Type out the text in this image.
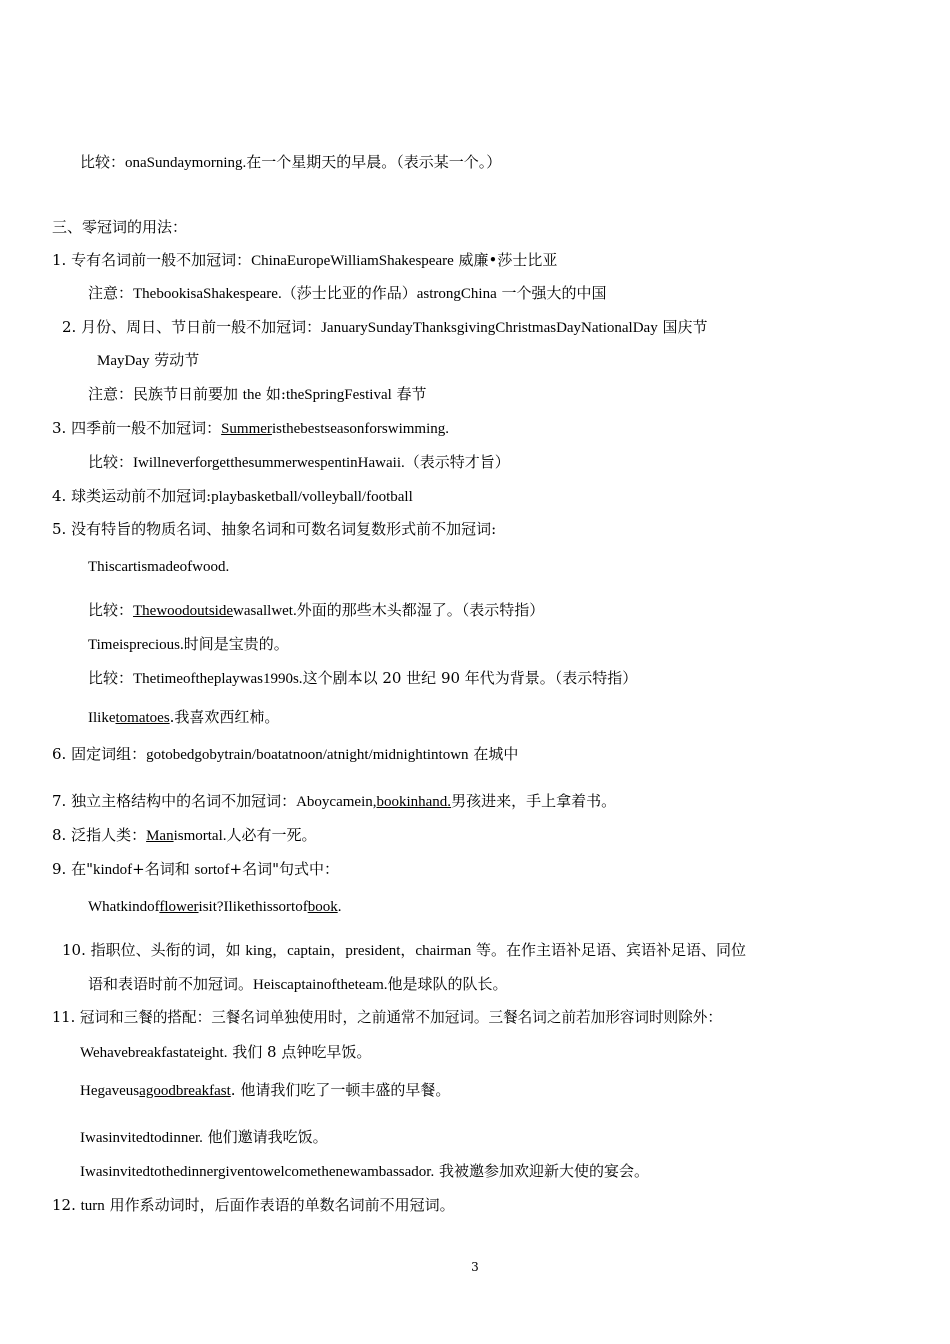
比较：onaSundaymorning.在一个星期天的早晨。（表示某一个。）
三、零冠词的用法：
1. 专有名词前一般不加冠词：ChinaEuropeWilliamShakespeare 威廉•莎士比亚
注意：ThebookisaShakespeare.（莎士比亚的作品）astrongChina 一个强大的中国
2. 月份、周日、节日前一般不加冠词：JanuarySundayThanksgivingChristmasDayNationalDay 国庆节
MayDay 劳动节
注意：民族节日前要加 the 如:theSpringFestival 春节
3. 四季前一般不加冠词：Summeristhebestseasonforswimming.
比较：IwillneverforgetthesummerwespentinHawaii.（表示特才旨）
4. 球类运动前不加冠词:playbasketball/volleyball/football
5. 没有特旨的物质名词、抽象名词和可数名词复数形式前不加冠词:
Thiscartismadeofwood.
比较：Thewoodoutsidewasallwet.外面的那些木头都湿了。（表示特指）
Timeisprecious.时间是宝贵的。
比较：Thetimeoftheplaywas1990s.这个剧本以 20 世纪 90 年代为背景。（表示特指）
Iliketomatoes.我喜欢西红柿。
6. 固定词组：gotobedgobytrain/boatatnoon/atnight/midnightintown 在城中
7. 独立主格结构中的名词不加冠词：Aboycamein,bookinhand.男孩进来，手上拿着书。
8. 泛指人类：Manismortal.人必有一死。
9. 在"kindof+名词和 sortof+名词"句式中：
Whatkindofflowerisit?Ilikethissortofbook.
10. 指职位、头衔的词，如 king，captain，president，chairman 等。在作主语补足语、宾语补足语、同位
语和表语时前不加冠词。Heiscaptainoftheteam.他是球队的队长。
11. 冠词和三餐的搭配：三餐名词单独使用时，之前通常不加冠词。三餐名词之前若加形容词时则除外：
Wehavebreakfastateight. 我们 8 点钟吃早饭。
Hegaveusagoodbreakfast. 他请我们吃了一顿丰盛的早餐。
Iwasinvitedtodinner. 他们邀请我吃饭。
Iwasinvitedtothedinnergiventowelcomethenewambassador. 我被邀参加欢迎新大使的宴会。
12. turn 用作系动词时，后面作表语的单数名词前不用冠词。
3
